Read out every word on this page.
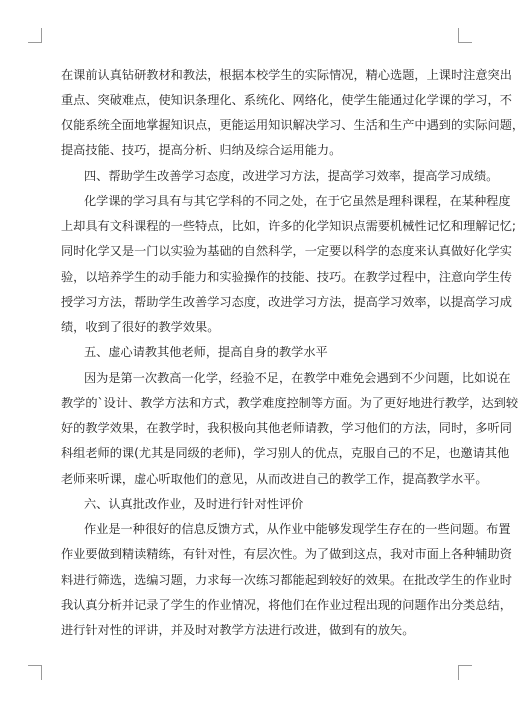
在课前认真钻研教材和教法，根据本校学生的实际情况，精心选题，上课时注意突出
重点、突破难点，使知识条理化、系统化、网络化，使学生能通过化学课的学习，不
仅能系统全面地掌握知识点，更能运用知识解决学习、生活和生产中遇到的实际问题，
提高技能、技巧，提高分析、归纳及综合运用能力。
四、帮助学生改善学习态度，改进学习方法，提高学习效率，提高学习成绩。
化学课的学习具有与其它学科的不同之处，在于它虽然是理科课程，在某种程度
上却具有文科课程的一些特点，比如，许多的化学知识点需要机械性记忆和理解记忆;
同时化学又是一门以实验为基础的自然科学，一定要以科学的态度来认真做好化学实
验，以培养学生的动手能力和实验操作的技能、技巧。在教学过程中，注意向学生传
授学习方法，帮助学生改善学习态度，改进学习方法，提高学习效率，以提高学习成
绩，收到了很好的教学效果。
五、虚心请教其他老师，提高自身的教学水平
因为是第一次教高一化学，经验不足，在教学中难免会遇到不少问题，比如说在
教学的`设计、教学方法和方式，教学难度控制等方面。为了更好地进行教学，达到较
好的教学效果，在教学时，我积极向其他老师请教，学习他们的方法，同时，多听同
科组老师的课(尤其是同级的老师)，学习别人的优点，克服自己的不足，也邀请其他
老师来听课，虚心听取他们的意见，从而改进自己的教学工作，提高教学水平。
六、认真批改作业，及时进行针对性评价
作业是一种很好的信息反馈方式，从作业中能够发现学生存在的一些问题。布置
作业要做到精读精练，有针对性，有层次性。为了做到这点，我对市面上各种辅助资
料进行筛选，选编习题，力求每一次练习都能起到较好的效果。在批改学生的作业时
我认真分析并记录了学生的作业情况，将他们在作业过程出现的问题作出分类总结，
进行针对性的评讲，并及时对教学方法进行改进，做到有的放矢。
